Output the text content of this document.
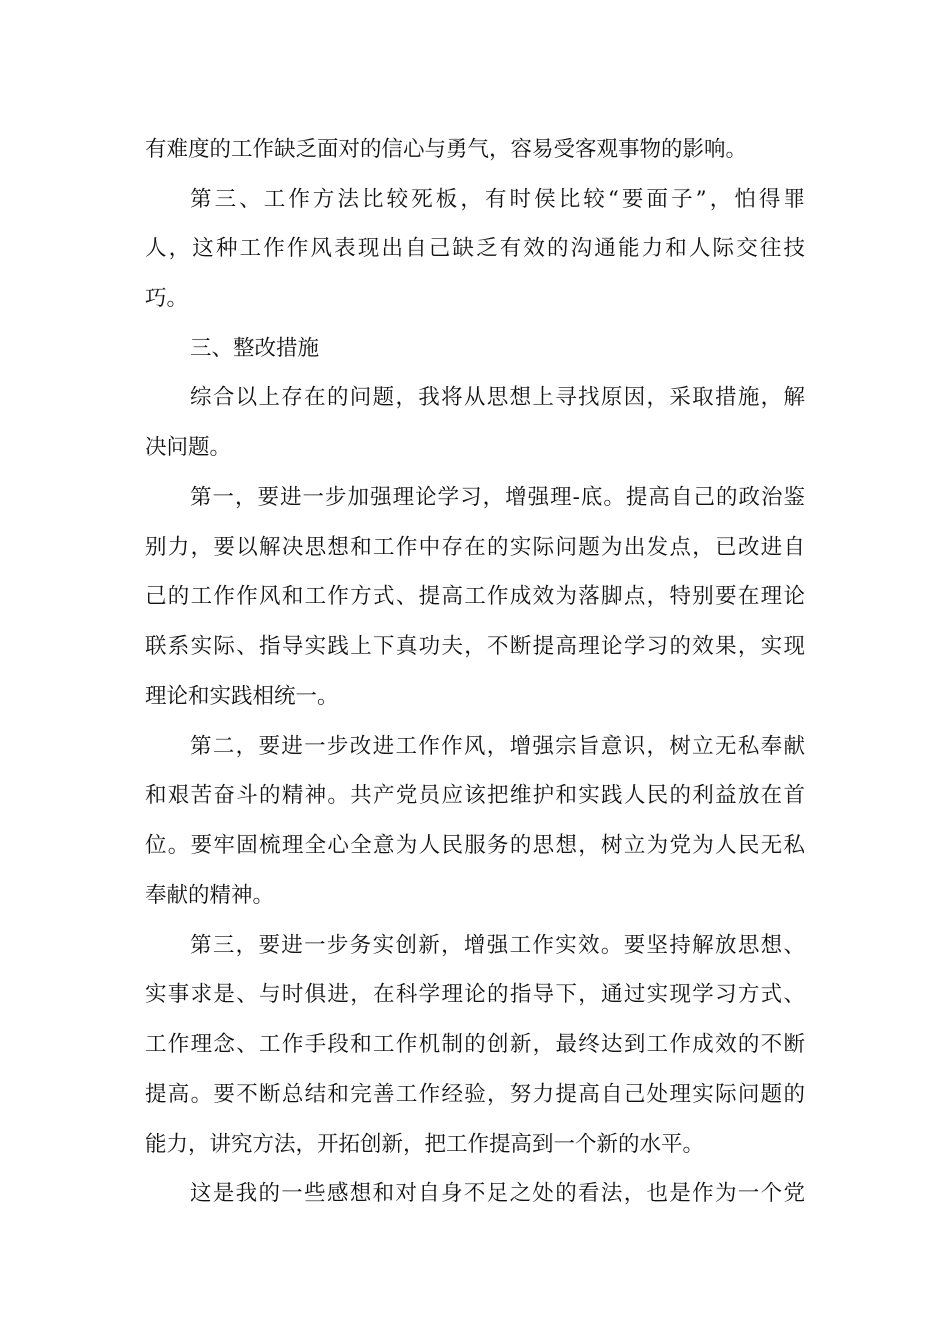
有难度的工作缺乏面对的信心与勇气，容易受客观事物的影响。
第三、工作方法比较死板，有时侯比较“要面子”，怕得罪
人，这种工作作风表现出自己缺乏有效的沟通能力和人际交往技
巧。
三、整改措施
综合以上存在的问题，我将从思想上寻找原因，采取措施，解
决问题。
第一，要进一步加强理论学习，增强理-底。提高自己的政治鉴
别力，要以解决思想和工作中存在的实际问题为出发点，已改进自
己的工作作风和工作方式、提高工作成效为落脚点，特别要在理论
联系实际、指导实践上下真功夫，不断提高理论学习的效果，实现
理论和实践相统一。
第二，要进一步改进工作作风，增强宗旨意识，树立无私奉献
和艰苦奋斗的精神。共产党员应该把维护和实践人民的利益放在首
位。要牢固梳理全心全意为人民服务的思想，树立为党为人民无私
奉献的精神。
第三，要进一步务实创新，增强工作实效。要坚持解放思想、
实事求是、与时俱进，在科学理论的指导下，通过实现学习方式、
工作理念、工作手段和工作机制的创新，最终达到工作成效的不断
提高。要不断总结和完善工作经验，努力提高自己处理实际问题的
能力，讲究方法，开拓创新，把工作提高到一个新的水平。
这是我的一些感想和对自身不足之处的看法，也是作为一个党
